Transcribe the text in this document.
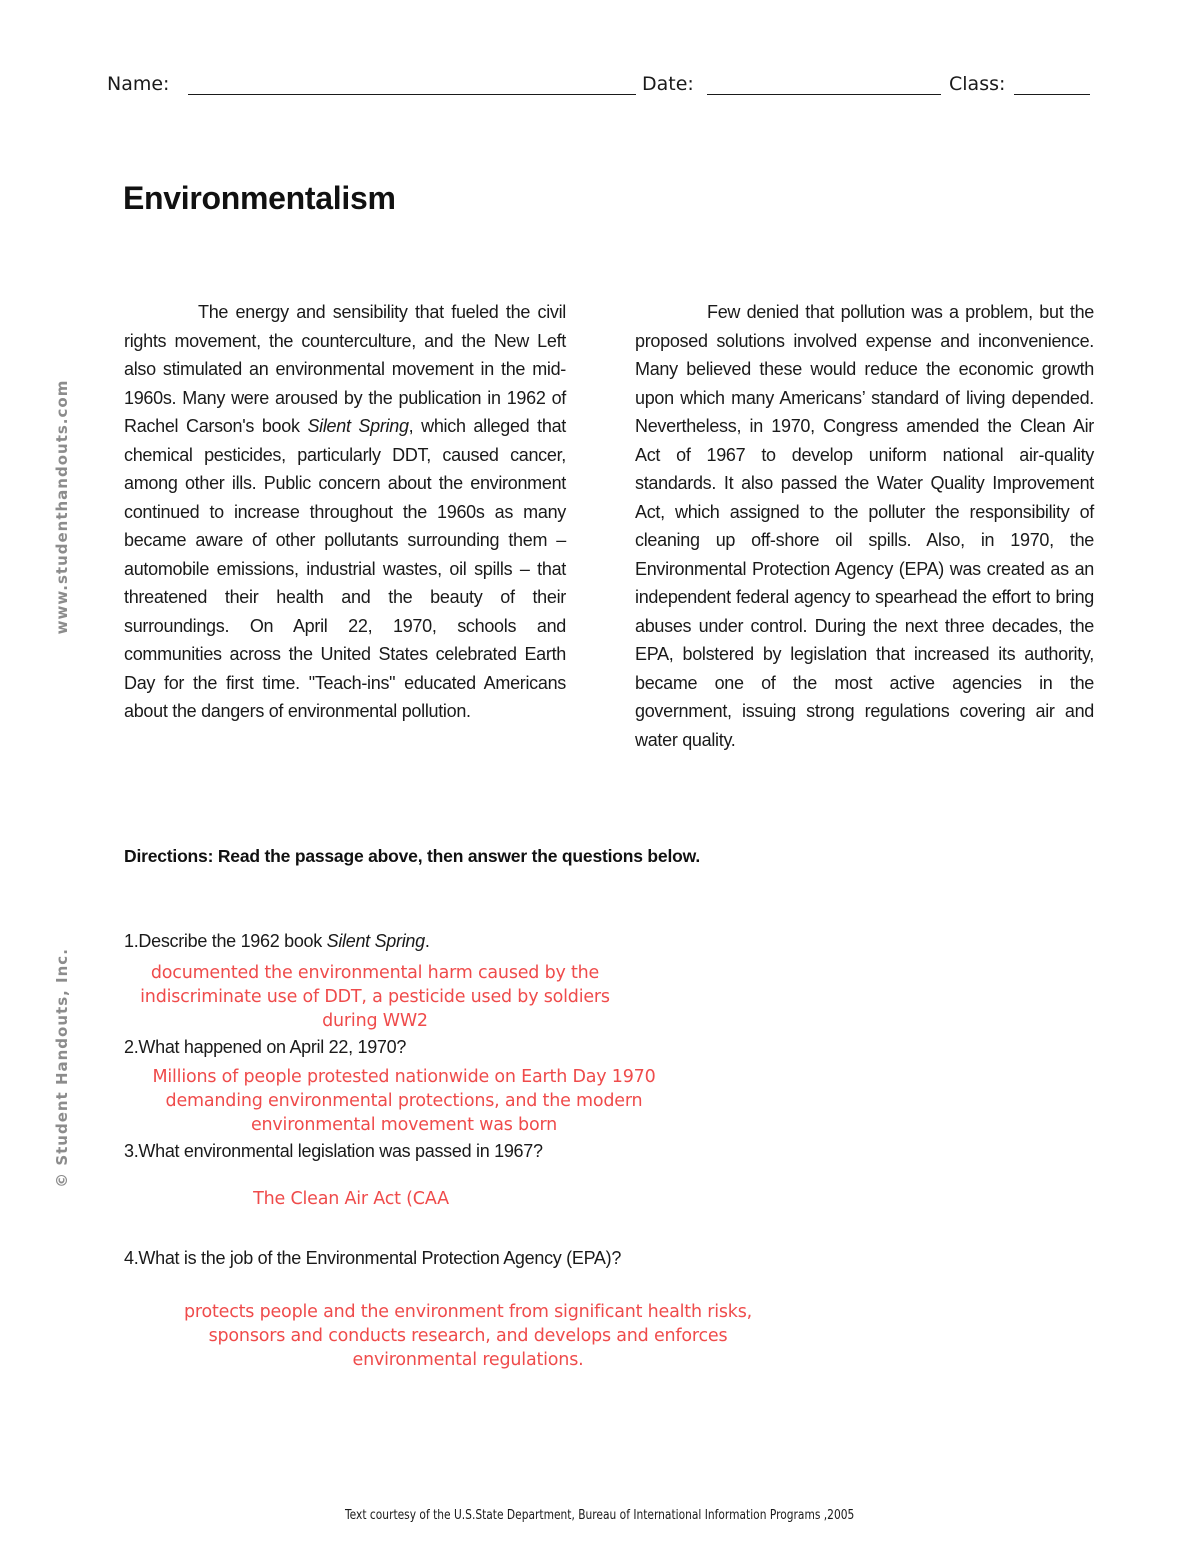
Name:	Date:	Class:
Environmentalism

The energy and sensibility that fueled the civil rights movement, the counterculture, and the New Left also stimulated an environmental movement in the mid-1960s. Many were aroused by the publication in 1962 of Rachel Carson's book Silent Spring, which alleged that chemical pesticides, particularly DDT, caused cancer, among other ills. Public concern about the environment continued to increase throughout the 1960s as many became aware of other pollutants surrounding them – automobile emissions, industrial wastes, oil spills – that threatened their health and the beauty of their surroundings. On April 22, 1970, schools and communities across the United States celebrated Earth Day for the first time. "Teach-ins" educated Americans about the dangers of environmental pollution.

Few denied that pollution was a problem, but the proposed solutions involved expense and inconvenience. Many believed these would reduce the economic growth upon which many Americans’ standard of living depended. Nevertheless, in 1970, Congress amended the Clean Air Act of 1967 to develop uniform national air-quality standards. It also passed the Water Quality Improvement Act, which assigned to the polluter the responsibility of cleaning up off-shore oil spills. Also, in 1970, the Environmental Protection Agency (EPA) was created as an independent federal agency to spearhead the effort to bring abuses under control. During the next three decades, the EPA, bolstered by legislation that increased its authority, became one of the most active agencies in the government, issuing strong regulations covering air and water quality.

www.studenthandouts.com
© Student Handouts, Inc.

Directions: Read the passage above, then answer the questions below.

1.Describe the 1962 book Silent Spring.

documented the environmental harm caused by the indiscriminate use of DDT, a pesticide used by soldiers during WW2

2.What happened on April 22, 1970?

Millions of people protested nationwide on Earth Day 1970 demanding environmental protections, and the modern environmental movement was born

3.What environmental legislation was passed in 1967?

The Clean Air Act (CAA

4.What is the job of the Environmental Protection Agency (EPA)?

protects people and the environment from significant health risks, sponsors and conducts research, and develops and enforces environmental regulations.

Text courtesy of the U.S.State Department, Bureau of International Information Programs ,2005
